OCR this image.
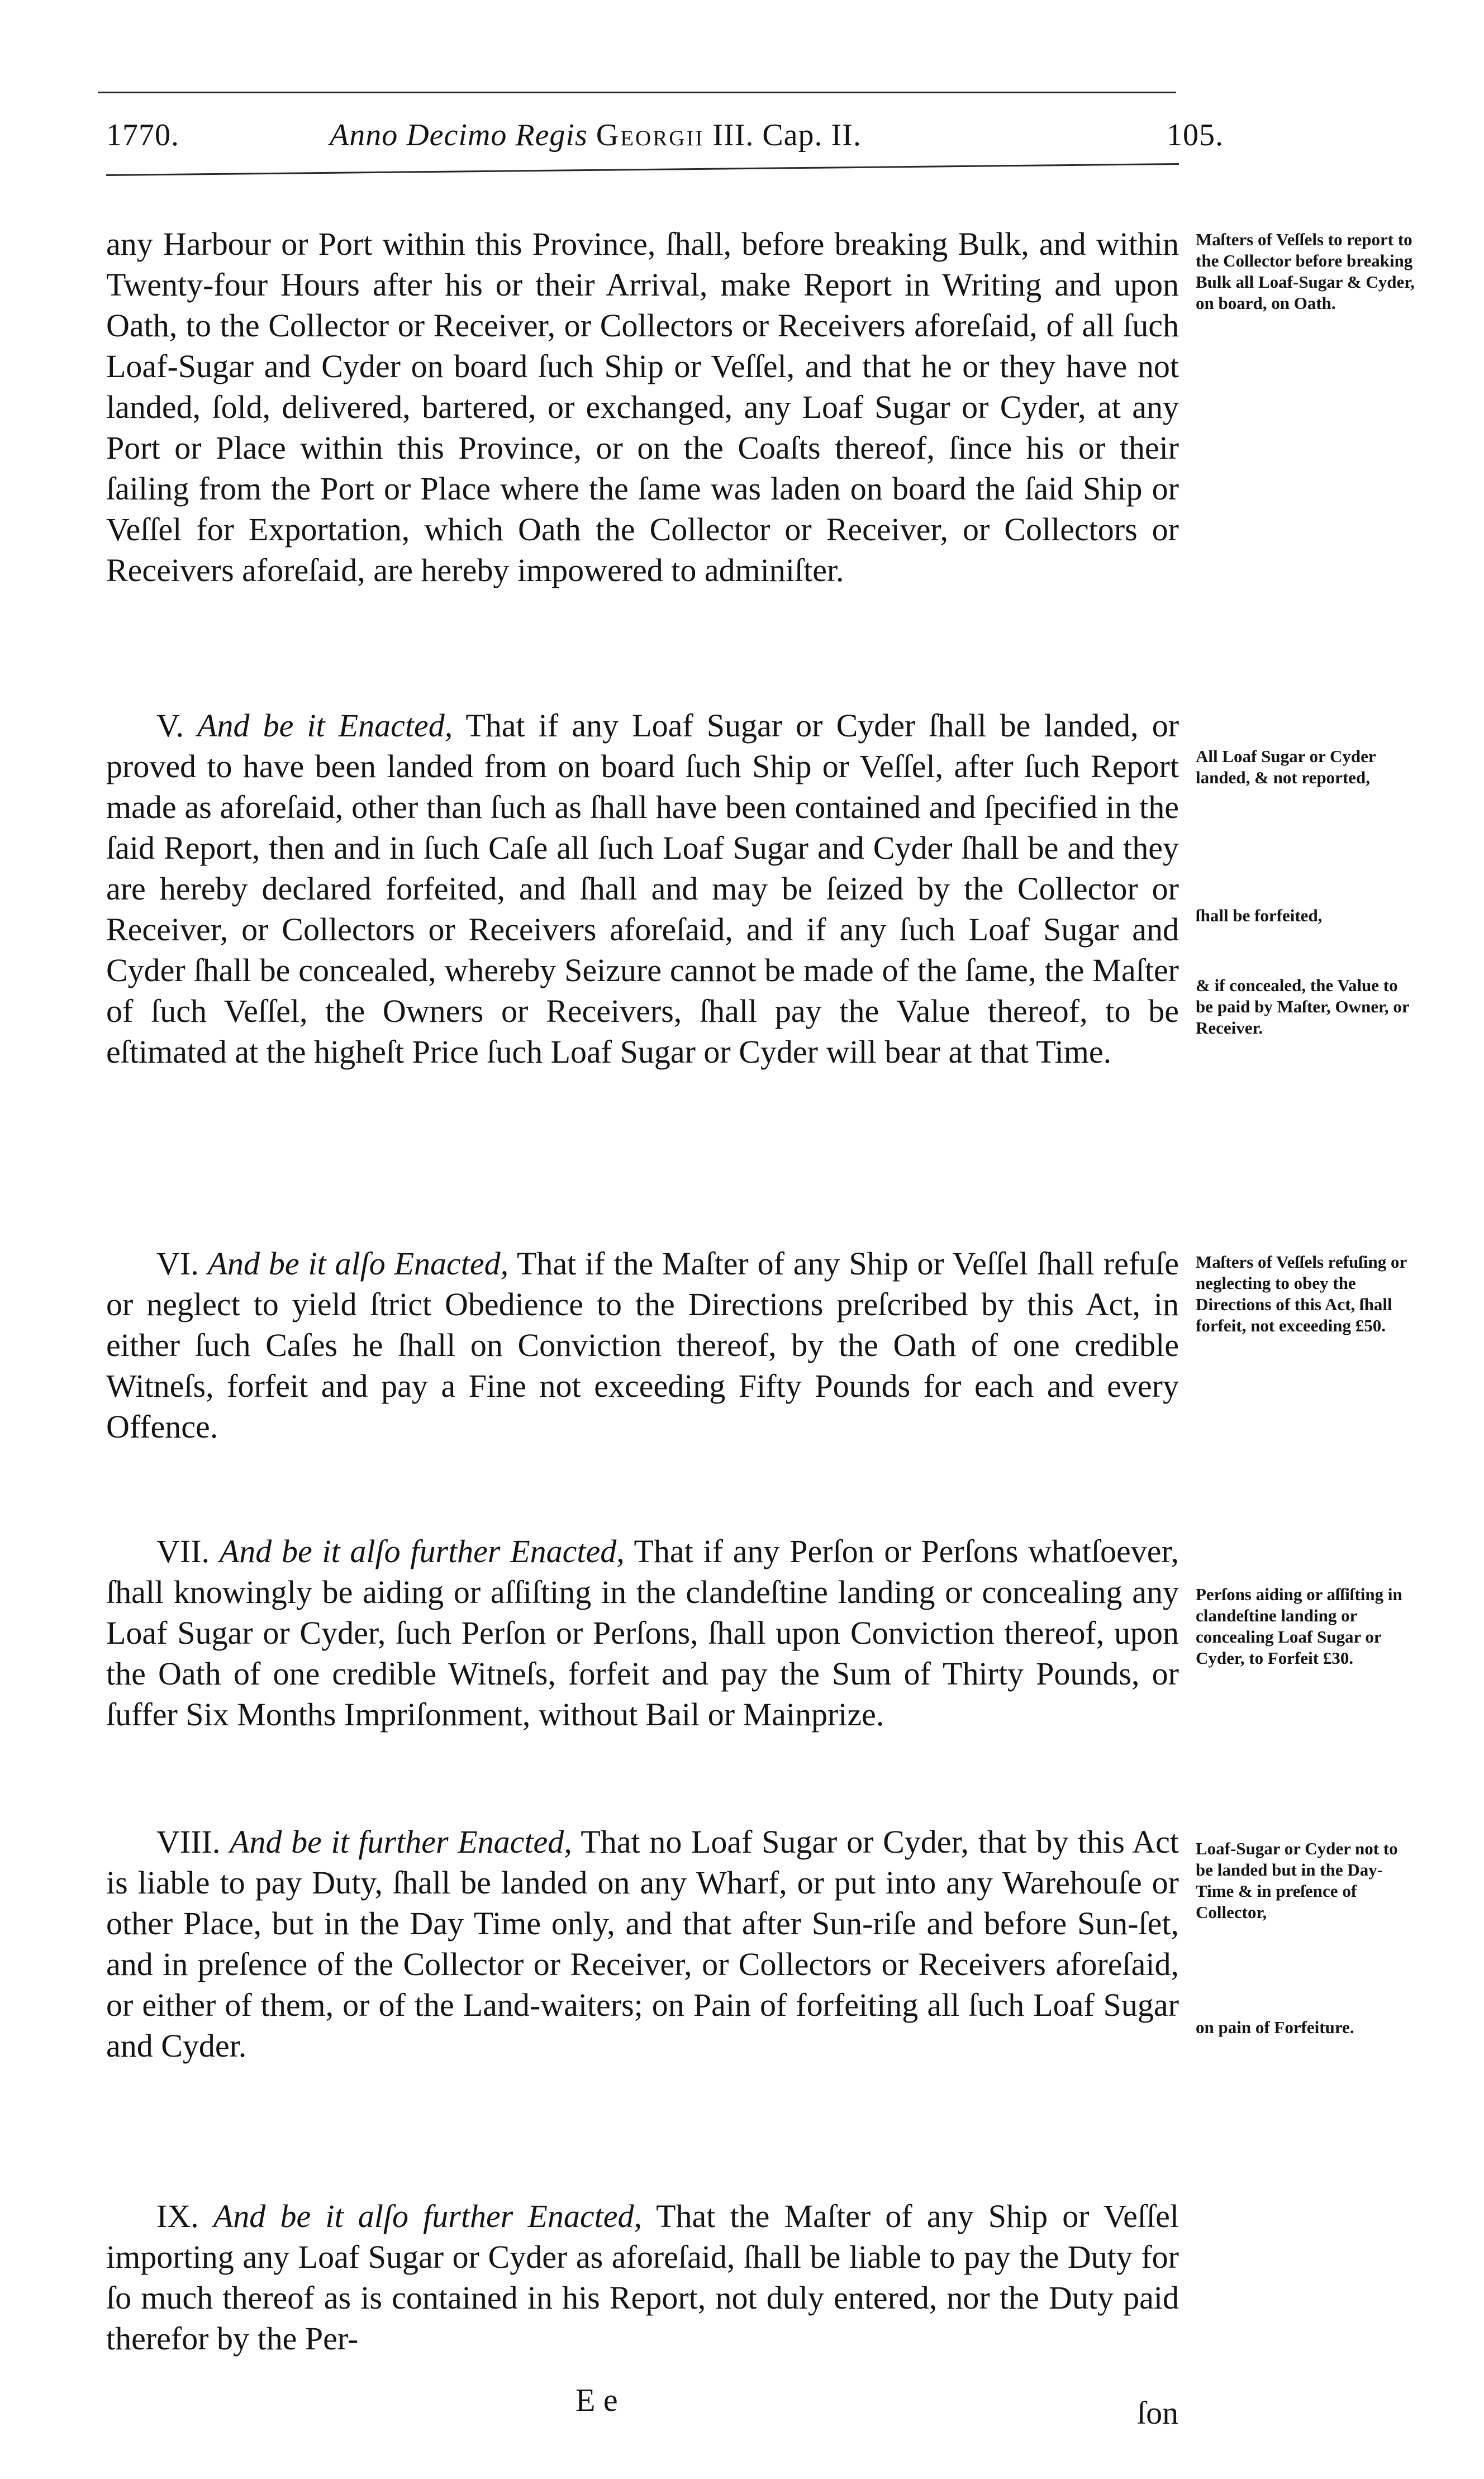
1770.	Anno Decimo Regis Georgii III. Cap. II.	105.

any Harbour or Port within this Province, ſhall, before breaking Bulk, and within Twenty-four Hours after his or their Arrival, make Report in Writing and upon Oath, to the Collector or Receiver, or Collectors or Receivers aforeſaid, of all ſuch Loaf-Sugar and Cyder on board ſuch Ship or Veſſel, and that he or they have not landed, ſold, delivered, bartered, or exchanged, any Loaf Sugar or Cyder, at any Port or Place within this Province, or on the Coaſts thereof, ſince his or their ſailing from the Port or Place where the ſame was laden on board the ſaid Ship or Veſſel for Exportation, which Oath the Collector or Receiver, or Collectors or Receivers aforeſaid, are hereby impowered to adminiſter.

V. And be it Enacted, That if any Loaf Sugar or Cyder ſhall be landed, or proved to have been landed from on board ſuch Ship or Veſſel, after ſuch Report made as aforeſaid, other than ſuch as ſhall have been contained and ſpecified in the ſaid Report, then and in ſuch Caſe all ſuch Loaf Sugar and Cyder ſhall be and they are hereby declared forfeited, and ſhall and may be ſeized by the Collector or Receiver, or Collectors or Receivers aforeſaid, and if any ſuch Loaf Sugar and Cyder ſhall be concealed, whereby Seizure cannot be made of the ſame, the Maſter of ſuch Veſſel, the Owners or Receivers, ſhall pay the Value thereof, to be eſtimated at the higheſt Price ſuch Loaf Sugar or Cyder will bear at that Time.

VI. And be it alſo Enacted, That if the Maſter of any Ship or Veſſel ſhall refuſe or neglect to yield ſtrict Obedience to the Directions preſcribed by this Act, in either ſuch Caſes he ſhall on Conviction thereof, by the Oath of one credible Witneſs, forfeit and pay a Fine not exceeding Fifty Pounds for each and every Offence.

VII. And be it alſo further Enacted, That if any Perſon or Perſons whatſoever, ſhall knowingly be aiding or aſſiſting in the clandeſtine landing or concealing any Loaf Sugar or Cyder, ſuch Perſon or Perſons, ſhall upon Conviction thereof, upon the Oath of one credible Witneſs, forfeit and pay the Sum of Thirty Pounds, or ſuffer Six Months Impriſonment, without Bail or Mainprize.

VIII. And be it further Enacted, That no Loaf Sugar or Cyder, that by this Act is liable to pay Duty, ſhall be landed on any Wharf, or put into any Warehouſe or other Place, but in the Day Time only, and that after Sun-riſe and before Sun-ſet, and in preſence of the Collector or Receiver, or Collectors or Receivers aforeſaid, or either of them, or of the Land-waiters; on Pain of forfeiting all ſuch Loaf Sugar and Cyder.

IX. And be it alſo further Enacted, That the Maſter of any Ship or Veſſel importing any Loaf Sugar or Cyder as aforeſaid, ſhall be liable to pay the Duty for ſo much thereof as is contained in his Report, not duly entered, nor the Duty paid therefor by the Per-

Maſters of Veſſels to report to the Collector before breaking Bulk all Loaf-Sugar & Cyder, on board, on Oath.

All Loaf Sugar or Cyder landed, & not reported,

ſhall be forfeited,

& if concealed, the Value to be paid by Maſter, Owner, or Receiver.

Maſters of Veſſels refuſing or neglecting to obey the Directions of this Act, ſhall forfeit, not exceeding £50.

Perſons aiding or aſſiſting in clandeſtine landing or concealing Loaf Sugar or Cyder, to Forfeit £30.

Loaf-Sugar or Cyder not to be landed but in the Day-Time & in preſence of Collector,

on pain of Forfeiture.

E e	ſon
